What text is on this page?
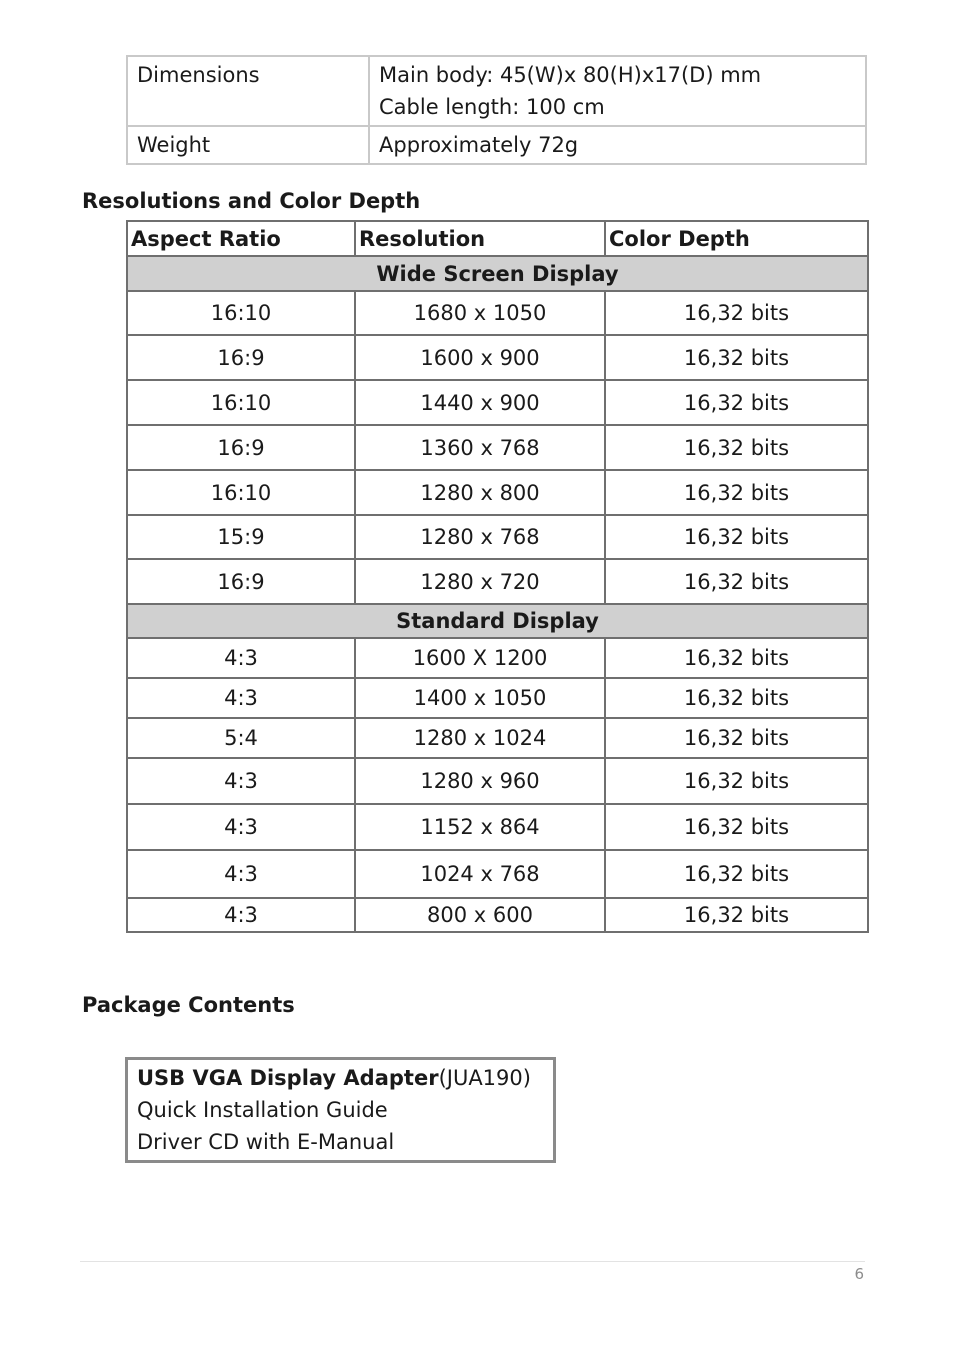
Dimensions	Main body: 45(W)x 80(H)x17(D) mm
Cable length: 100 cm

Weight	Approximately 72g
Resolutions and Color Depth
Aspect Ratio	Resolution	Color Depth
Wide Screen Display		
16:10	1680 x 1050	16,32 bits
16:9	1600 x 900	16,32 bits
16:10	1440 x 900	16,32 bits
16:9	1360 x 768	16,32 bits
16:10	1280 x 800	16,32 bits
15:9	1280 x 768	16,32 bits
16:9	1280 x 720	16,32 bits
Standard Display		
4:3	1600 X 1200	16,32 bits
4:3	1400 x 1050	16,32 bits
5:4	1280 x 1024	16,32 bits
4:3	1280 x 960	16,32 bits
4:3	1152 x 864	16,32 bits
4:3	1024 x 768	16,32 bits
4:3	800 x 600	16,32 bits
Package Contents
USB VGA Display Adapter(JUA190)
Quick Installation Guide
Driver CD with E-Manual
6
